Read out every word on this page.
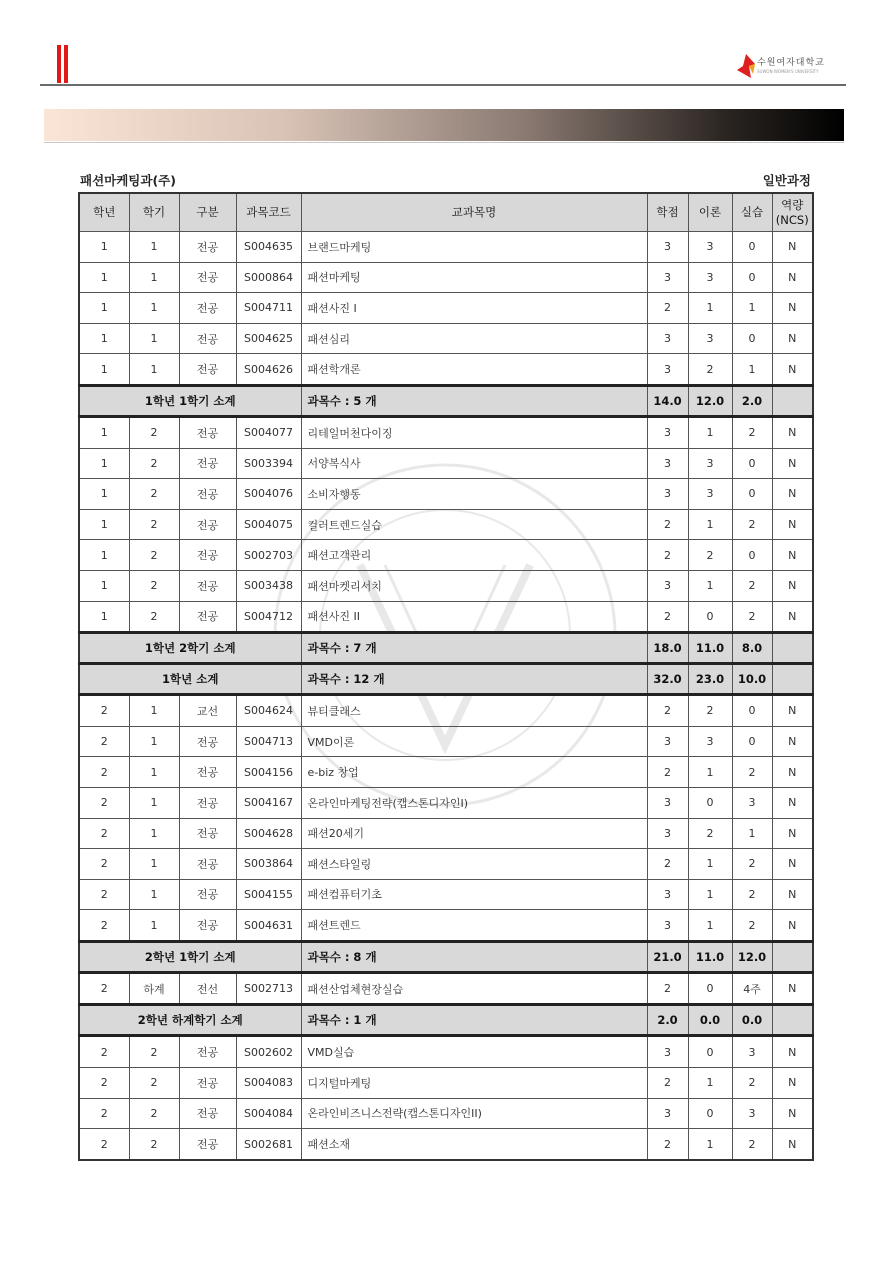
수원여자대학교
SUWON WOMEN'S UNIVERSITY
패션마케팅과(주)	일반과정
학년	학기	구분	과목코드	교과목명	학점	이론	실습	역량
(NCS)
1	1	전공	S004635	브랜드마케팅	3	3	0	N
1	1	전공	S000864	패션마케팅	3	3	0	N
1	1	전공	S004711	패션사진 I	2	1	1	N
1	1	전공	S004625	패션심리	3	3	0	N
1	1	전공	S004626	패션학개론	3	2	1	N
1학년 1학기 소계				과목수 : 5 개	14.0	12.0	2.0	
1	2	전공	S004077	리테일머천다이징	3	1	2	N
1	2	전공	S003394	서양복식사	3	3	0	N
1	2	전공	S004076	소비자행동	3	3	0	N
1	2	전공	S004075	컬러트렌드실습	2	1	2	N
1	2	전공	S002703	패션고객관리	2	2	0	N
1	2	전공	S003438	패션마켓리서치	3	1	2	N
1	2	전공	S004712	패션사진 II	2	0	2	N
1학년 2학기 소계				과목수 : 7 개	18.0	11.0	8.0	
1학년 소계				과목수 : 12 개	32.0	23.0	10.0	
2	1	교선	S004624	뷰티클래스	2	2	0	N
2	1	전공	S004713	VMD이론	3	3	0	N
2	1	전공	S004156	e-biz 창업	2	1	2	N
2	1	전공	S004167	온라인마케팅전략(캡스톤디자인I)	3	0	3	N
2	1	전공	S004628	패션20세기	3	2	1	N
2	1	전공	S003864	패션스타일링	2	1	2	N
2	1	전공	S004155	패션컴퓨터기초	3	1	2	N
2	1	전공	S004631	패션트렌드	3	1	2	N
2학년 1학기 소계				과목수 : 8 개	21.0	11.0	12.0	
2	하계	전선	S002713	패션산업체현장실습	2	0	4주	N
2학년 하계학기 소계				과목수 : 1 개	2.0	0.0	0.0	
2	2	전공	S002602	VMD실습	3	0	3	N
2	2	전공	S004083	디지털마케팅	2	1	2	N
2	2	전공	S004084	온라인비즈니스전략(캡스톤디자인II)	3	0	3	N
2	2	전공	S002681	패션소재	2	1	2	N
